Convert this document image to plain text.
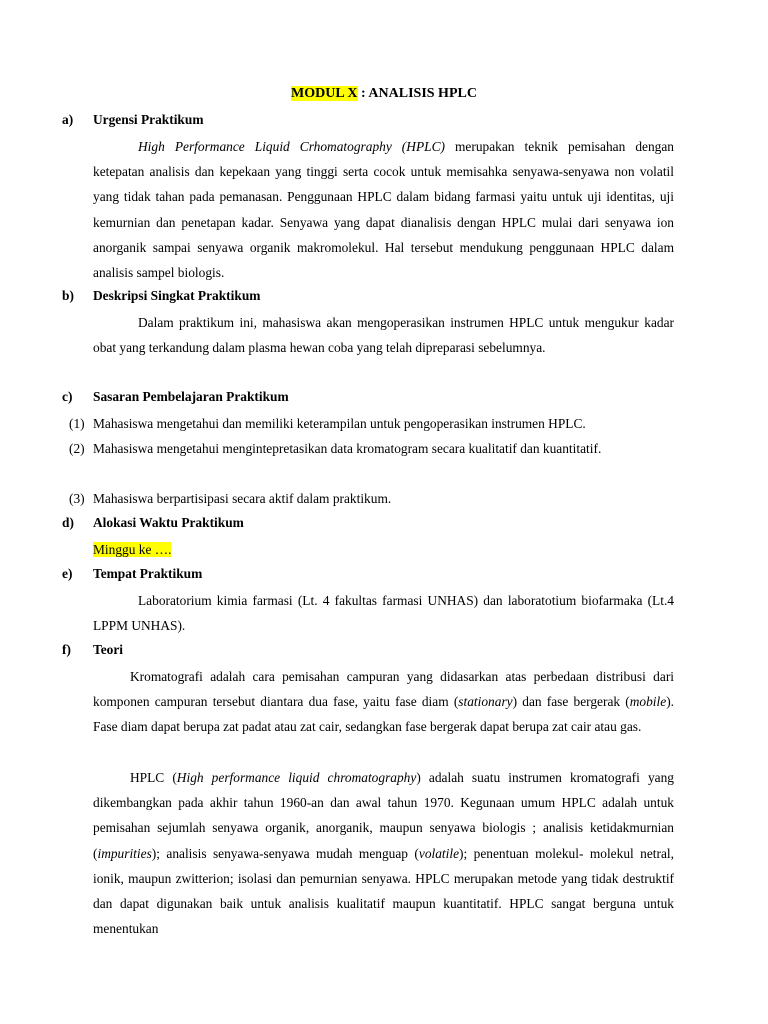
MODUL X : ANALISIS HPLC
a) Urgensi Praktikum
High Performance Liquid Crhomatography (HPLC) merupakan teknik pemisahan dengan ketepatan analisis dan kepekaan yang tinggi serta cocok untuk memisahka senyawa-senyawa non volatil yang tidak tahan pada pemanasan. Penggunaan HPLC dalam bidang farmasi yaitu untuk uji identitas, uji kemurnian dan penetapan kadar. Senyawa yang dapat dianalisis dengan HPLC mulai dari senyawa ion anorganik sampai senyawa organik makromolekul. Hal tersebut mendukung penggunaan HPLC dalam analisis sampel biologis.
b) Deskripsi Singkat Praktikum
Dalam praktikum ini, mahasiswa akan mengoperasikan instrumen HPLC untuk mengukur kadar obat yang terkandung dalam plasma hewan coba yang telah dipreparasi sebelumnya.
c) Sasaran Pembelajaran Praktikum
(1) Mahasiswa mengetahui dan memiliki keterampilan untuk pengoperasikan instrumen HPLC.
(2) Mahasiswa mengetahui mengintepretasikan data kromatogram secara kualitatif dan kuantitatif.
(3) Mahasiswa berpartisipasi secara aktif dalam praktikum.
d) Alokasi Waktu Praktikum
Minggu ke ….
e) Tempat Praktikum
Laboratorium kimia farmasi (Lt. 4 fakultas farmasi UNHAS) dan laboratotium biofarmaka (Lt.4 LPPM UNHAS).
f) Teori
Kromatografi adalah cara pemisahan campuran yang didasarkan atas perbedaan distribusi dari komponen campuran tersebut diantara dua fase, yaitu fase diam (stationary) dan fase bergerak (mobile). Fase diam dapat berupa zat padat atau zat cair, sedangkan fase bergerak dapat berupa zat cair atau gas.
HPLC (High performance liquid chromatography) adalah suatu instrumen kromatografi yang dikembangkan pada akhir tahun 1960-an dan awal tahun 1970. Kegunaan umum HPLC adalah untuk pemisahan sejumlah senyawa organik, anorganik, maupun senyawa biologis ; analisis ketidakmurnian (impurities); analisis senyawa-senyawa mudah menguap (volatile); penentuan molekul- molekul netral, ionik, maupun zwitterion; isolasi dan pemurnian senyawa. HPLC merupakan metode yang tidak destruktif dan dapat digunakan baik untuk analisis kualitatif maupun kuantitatif. HPLC sangat berguna untuk menentukan
